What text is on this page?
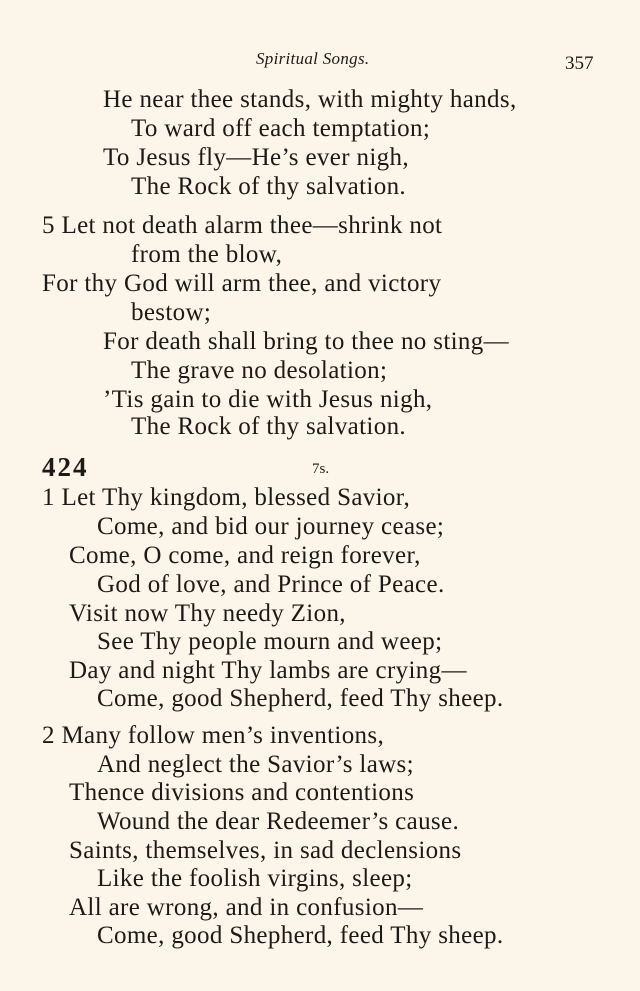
Spiritual Songs.	357
He near thee stands, with mighty hands,
To ward off each temptation;
To Jesus fly—He’s ever nigh,
The Rock of thy salvation.
5 Let not death alarm thee—shrink not
from the blow,
For thy God will arm thee, and victory
bestow;
For death shall bring to thee no sting—
The grave no desolation;
’Tis gain to die with Jesus nigh,
The Rock of thy salvation.
424	7s.
1 Let Thy kingdom, blessed Savior,
Come, and bid our journey cease;
Come, O come, and reign forever,
God of love, and Prince of Peace.
Visit now Thy needy Zion,
See Thy people mourn and weep;
Day and night Thy lambs are crying—
Come, good Shepherd, feed Thy sheep.
2 Many follow men’s inventions,
And neglect the Savior’s laws;
Thence divisions and contentions
Wound the dear Redeemer’s cause.
Saints, themselves, in sad declensions
Like the foolish virgins, sleep;
All are wrong, and in confusion—
Come, good Shepherd, feed Thy sheep.
